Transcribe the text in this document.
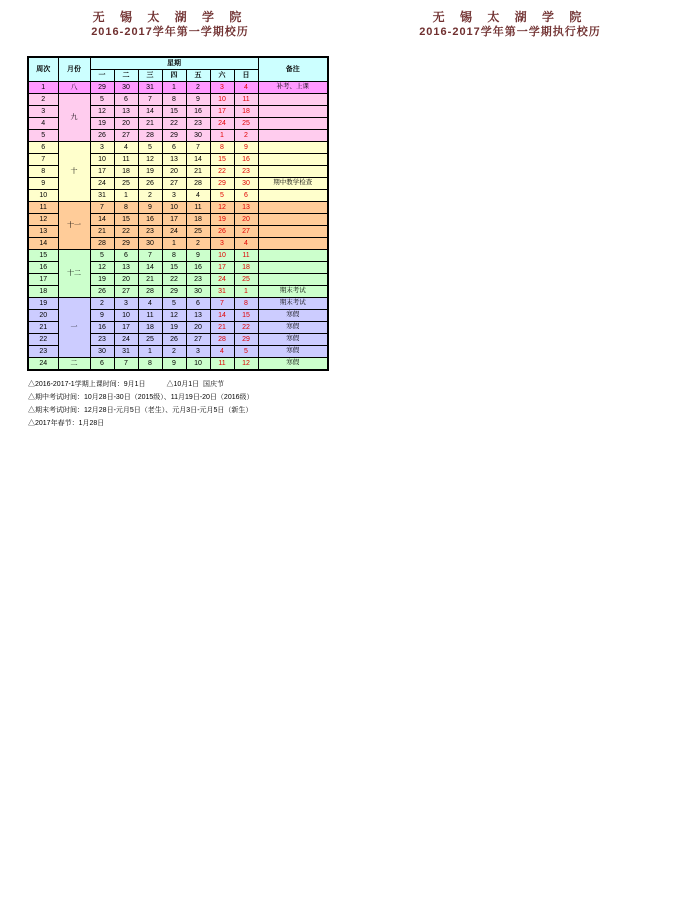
无 锡 太 湖 学 院
2016-2017学年第一学期校历
周次	月份	星期							备注
		一	二	三	四	五	六	日	
1	八	29	30	31	1	2	3	4	补考、上课
2	九	5	6	7	8	9	10	11	
3		12	13	14	15	16	17	18	
4		19	20	21	22	23	24	25	
5		26	27	28	29	30	1	2	
6	十	3	4	5	6	7	8	9	
7		10	11	12	13	14	15	16	
8		17	18	19	20	21	22	23	
9		24	25	26	27	28	29	30	期中教学检查
10		31	1	2	3	4	5	6	
11	十一	7	8	9	10	11	12	13	
12		14	15	16	17	18	19	20	
13		21	22	23	24	25	26	27	
14		28	29	30	1	2	3	4	
15	十二	5	6	7	8	9	10	11	
16		12	13	14	15	16	17	18	
17		19	20	21	22	23	24	25	
18		26	27	28	29	30	31	1	期末考试
19	一	2	3	4	5	6	7	8	期末考试
20		9	10	11	12	13	14	15	寒假
21		16	17	18	19	20	21	22	寒假
22		23	24	25	26	27	28	29	寒假
23		30	31	1	2	3	4	5	寒假
24	二	6	7	8	9	10	11	12	寒假
△2016-2017-1学期上课时间：9月1日　　　△10月1日  国庆节
△期中考试时间：10月28日-30日（2015级）、11月19日-20日（2016级）
△期末考试时间：12月28日-元月5日（老生）、元月3日-元月5日（新生）
△2017年春节：1月28日
无 锡 太 湖 学 院
2016-2017学年第一学期执行校历
